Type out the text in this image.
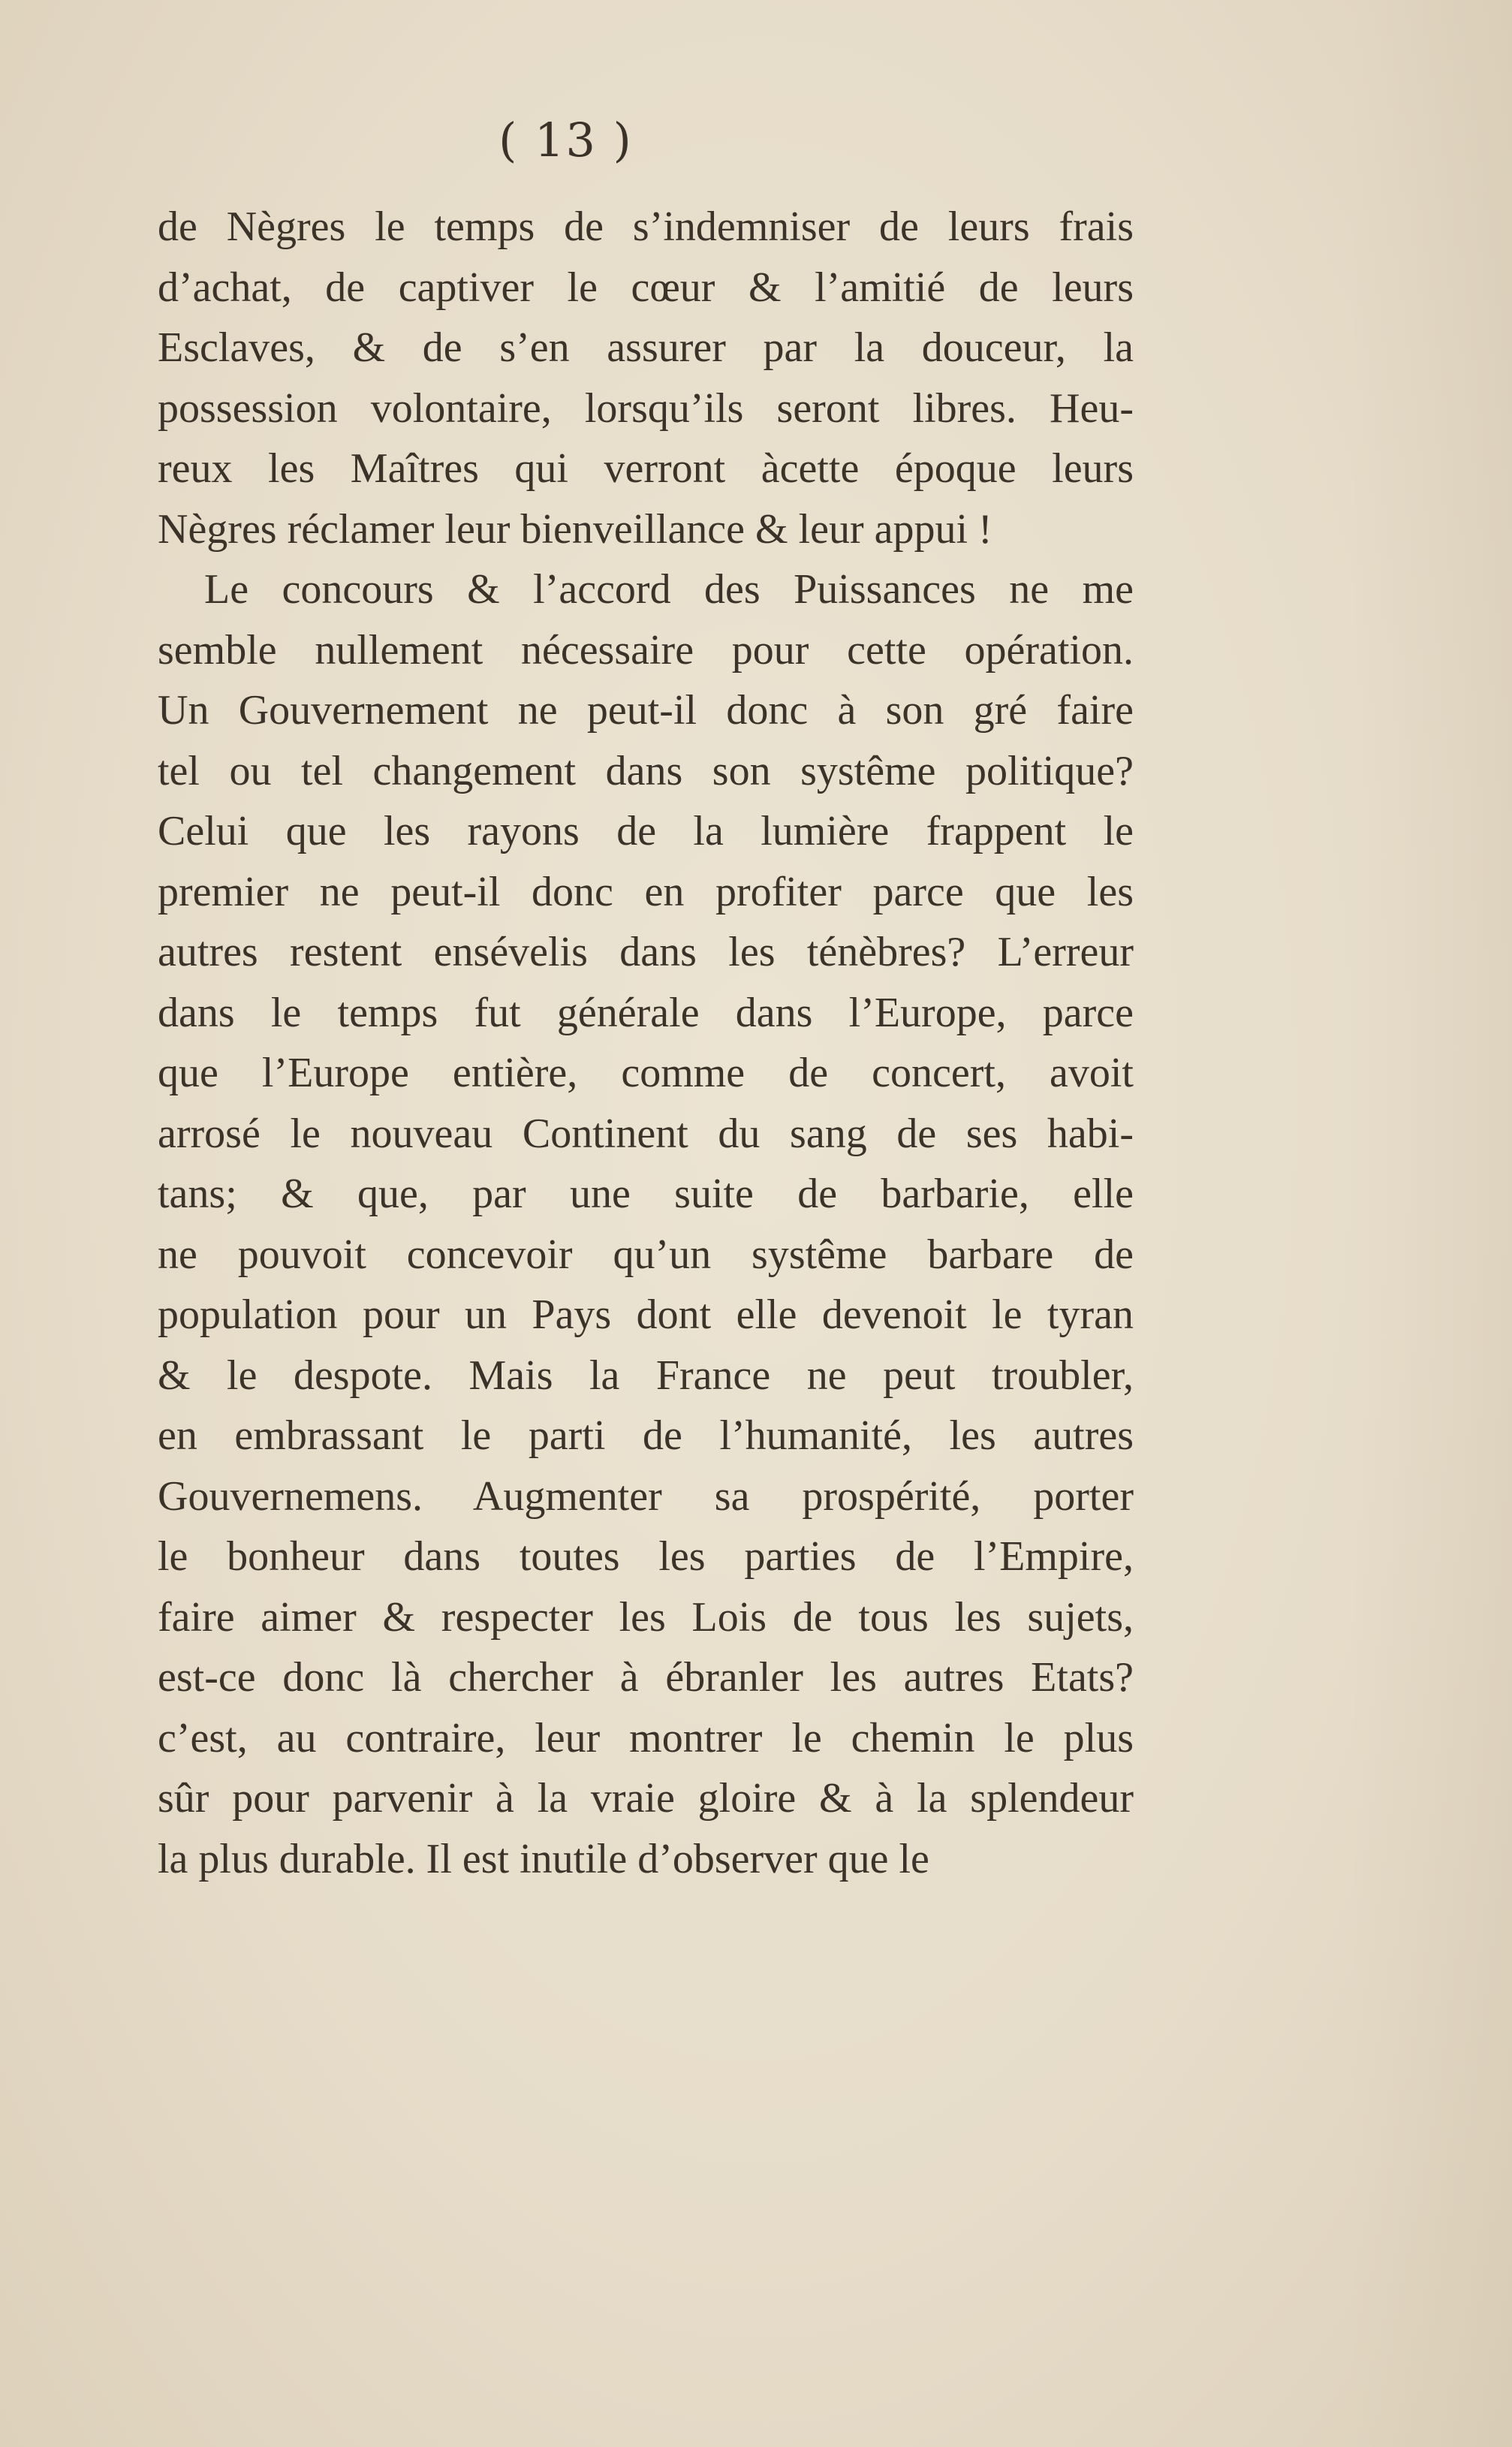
( 13 )
de Nègres le temps de s’indemniser de leurs frais
d’achat, de captiver le cœur & l’amitié de leurs
Esclaves, & de s’en assurer par la douceur, la
possession volontaire, lorsqu’ils seront libres. Heu-
reux les Maîtres qui verront àcette époque leurs
Nègres réclamer leur bienveillance & leur appui !
Le concours & l’accord des Puissances ne me
semble nullement nécessaire pour cette opération.
Un Gouvernement ne peut-il donc à son gré faire
tel ou tel changement dans son systême politique?
Celui que les rayons de la lumière frappent le
premier ne peut-il donc en profiter parce que les
autres restent ensévelis dans les ténèbres? L’erreur
dans le temps fut générale dans l’Europe, parce
que l’Europe entière, comme de concert, avoit
arrosé le nouveau Continent du sang de ses habi-
tans; & que, par une suite de barbarie, elle
ne pouvoit concevoir qu’un systême barbare de
population pour un Pays dont elle devenoit le tyran
& le despote. Mais la France ne peut troubler,
en embrassant le parti de l’humanité, les autres
Gouvernemens. Augmenter sa prospérité, porter
le bonheur dans toutes les parties de l’Empire,
faire aimer & respecter les Lois de tous les sujets,
est-ce donc là chercher à ébranler les autres Etats?
c’est, au contraire, leur montrer le chemin le plus
sûr pour parvenir à la vraie gloire & à la splendeur
la plus durable. Il est inutile d’observer que le
